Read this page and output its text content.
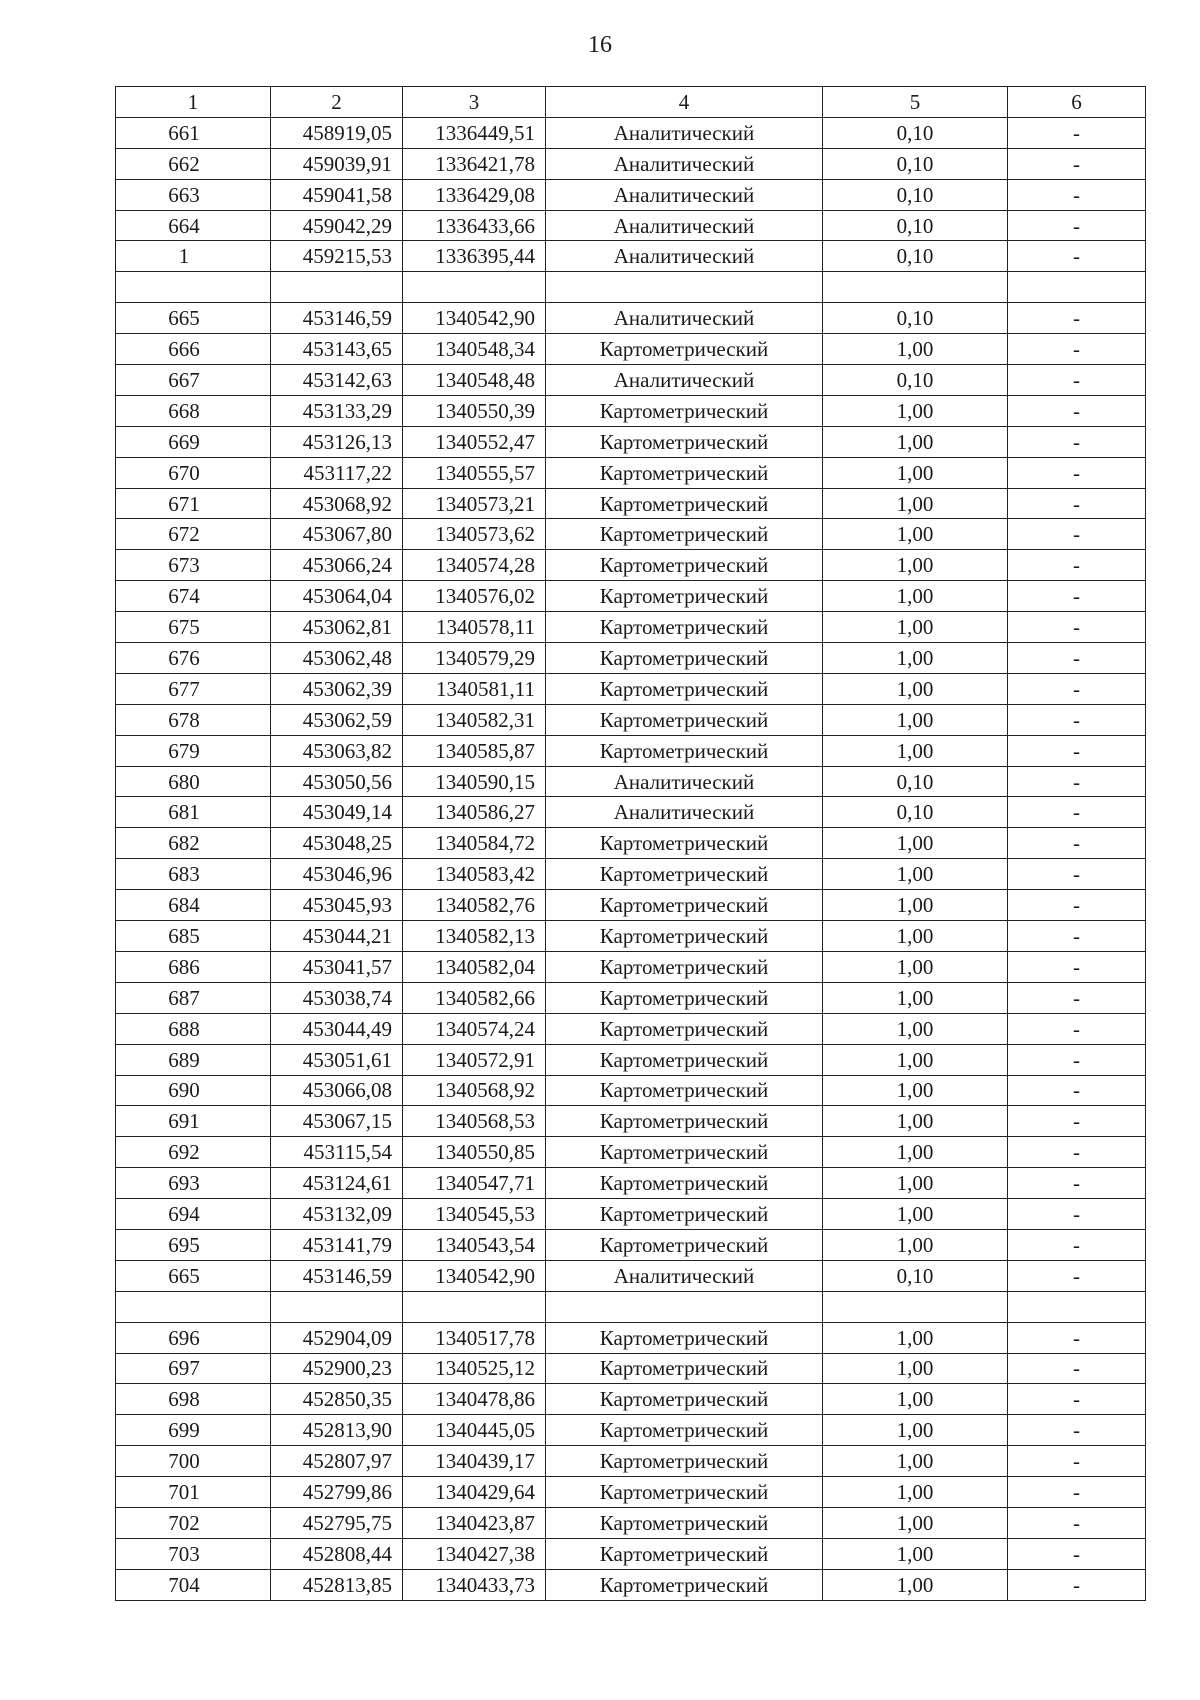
16
1	2	3	4	5	6
661	458919,05	1336449,51	Аналитический	0,10	-
662	459039,91	1336421,78	Аналитический	0,10	-
663	459041,58	1336429,08	Аналитический	0,10	-
664	459042,29	1336433,66	Аналитический	0,10	-
1	459215,53	1336395,44	Аналитический	0,10	-

665	453146,59	1340542,90	Аналитический	0,10	-
666	453143,65	1340548,34	Картометрический	1,00	-
667	453142,63	1340548,48	Аналитический	0,10	-
668	453133,29	1340550,39	Картометрический	1,00	-
669	453126,13	1340552,47	Картометрический	1,00	-
670	453117,22	1340555,57	Картометрический	1,00	-
671	453068,92	1340573,21	Картометрический	1,00	-
672	453067,80	1340573,62	Картометрический	1,00	-
673	453066,24	1340574,28	Картометрический	1,00	-
674	453064,04	1340576,02	Картометрический	1,00	-
675	453062,81	1340578,11	Картометрический	1,00	-
676	453062,48	1340579,29	Картометрический	1,00	-
677	453062,39	1340581,11	Картометрический	1,00	-
678	453062,59	1340582,31	Картометрический	1,00	-
679	453063,82	1340585,87	Картометрический	1,00	-
680	453050,56	1340590,15	Аналитический	0,10	-
681	453049,14	1340586,27	Аналитический	0,10	-
682	453048,25	1340584,72	Картометрический	1,00	-
683	453046,96	1340583,42	Картометрический	1,00	-
684	453045,93	1340582,76	Картометрический	1,00	-
685	453044,21	1340582,13	Картометрический	1,00	-
686	453041,57	1340582,04	Картометрический	1,00	-
687	453038,74	1340582,66	Картометрический	1,00	-
688	453044,49	1340574,24	Картометрический	1,00	-
689	453051,61	1340572,91	Картометрический	1,00	-
690	453066,08	1340568,92	Картометрический	1,00	-
691	453067,15	1340568,53	Картометрический	1,00	-
692	453115,54	1340550,85	Картометрический	1,00	-
693	453124,61	1340547,71	Картометрический	1,00	-
694	453132,09	1340545,53	Картометрический	1,00	-
695	453141,79	1340543,54	Картометрический	1,00	-
665	453146,59	1340542,90	Аналитический	0,10	-

696	452904,09	1340517,78	Картометрический	1,00	-
697	452900,23	1340525,12	Картометрический	1,00	-
698	452850,35	1340478,86	Картометрический	1,00	-
699	452813,90	1340445,05	Картометрический	1,00	-
700	452807,97	1340439,17	Картометрический	1,00	-
701	452799,86	1340429,64	Картометрический	1,00	-
702	452795,75	1340423,87	Картометрический	1,00	-
703	452808,44	1340427,38	Картометрический	1,00	-
704	452813,85	1340433,73	Картометрический	1,00	-
